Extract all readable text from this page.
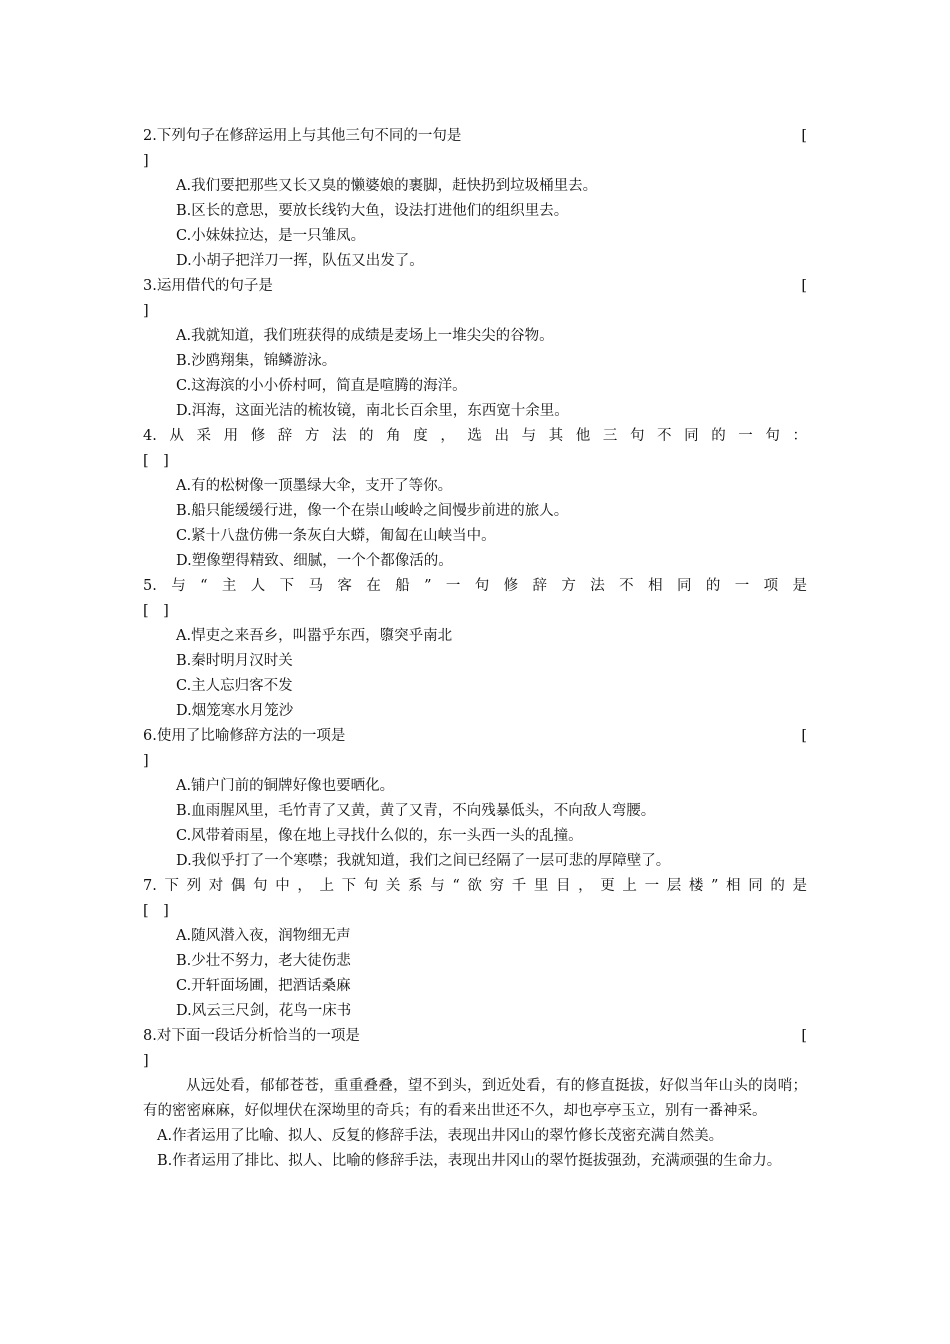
2.下列句子在修辞运用上与其他三句不同的一句是	[
]
A.我们要把那些又长又臭的懒婆娘的裹脚，赶快扔到垃圾桶里去。
B.区长的意思，要放长线钓大鱼，设法打进他们的组织里去。
C.小妹妹拉达，是一只雏凤。
D.小胡子把洋刀一挥，队伍又出发了。
3.运用借代的句子是	[
]
A.我就知道，我们班获得的成绩是麦场上一堆尖尖的谷物。
B.沙鸥翔集，锦鳞游泳。
C.这海滨的小小侨村呵，简直是喧腾的海洋。
D.洱海，这面光洁的梳妆镜，南北长百余里，东西宽十余里。
4.从采用修辞方法的角度，选出与其他三句不同的一句：
[　]
A.有的松树像一顶墨绿大伞，支开了等你。
B.船只能缓缓行进，像一个在崇山峻岭之间慢步前进的旅人。
C.紧十八盘仿佛一条灰白大蟒，匍匐在山峡当中。
D.塑像塑得精致、细腻，一个个都像活的。
5.与“主人下马客在船”一句修辞方法不相同的一项是
[　]
A.悍吏之来吾乡，叫嚣乎东西，隳突乎南北
B.秦时明月汉时关
C.主人忘归客不发
D.烟笼寒水月笼沙
6.使用了比喻修辞方法的一项是	[
]
A.铺户门前的铜牌好像也要晒化。
B.血雨腥风里，毛竹青了又黄，黄了又青，不向残暴低头，不向敌人弯腰。
C.风带着雨星，像在地上寻找什么似的，东一头西一头的乱撞。
D.我似乎打了一个寒噤；我就知道，我们之间已经隔了一层可悲的厚障壁了。
7.下列对偶句中，上下句关系与“欲穷千里目，更上一层楼”相同的是
[　]
A.随风潜入夜，润物细无声
B.少壮不努力，老大徒伤悲
C.开轩面场圃，把酒话桑麻
D.风云三尺剑，花鸟一床书
8.对下面一段话分析恰当的一项是	[
]

从远处看，郁郁苍苍，重重叠叠，望不到头，到近处看，有的修直挺拔，好似当年山头的岗哨；有的密密麻麻，好似埋伏在深坳里的奇兵；有的看来出世还不久，却也亭亭玉立，别有一番神采。

A.作者运用了比喻、拟人、反复的修辞手法，表现出井冈山的翠竹修长茂密充满自然美。

B.作者运用了排比、拟人、比喻的修辞手法，表现出井冈山的翠竹挺拔强劲，充满顽强的生命力。
